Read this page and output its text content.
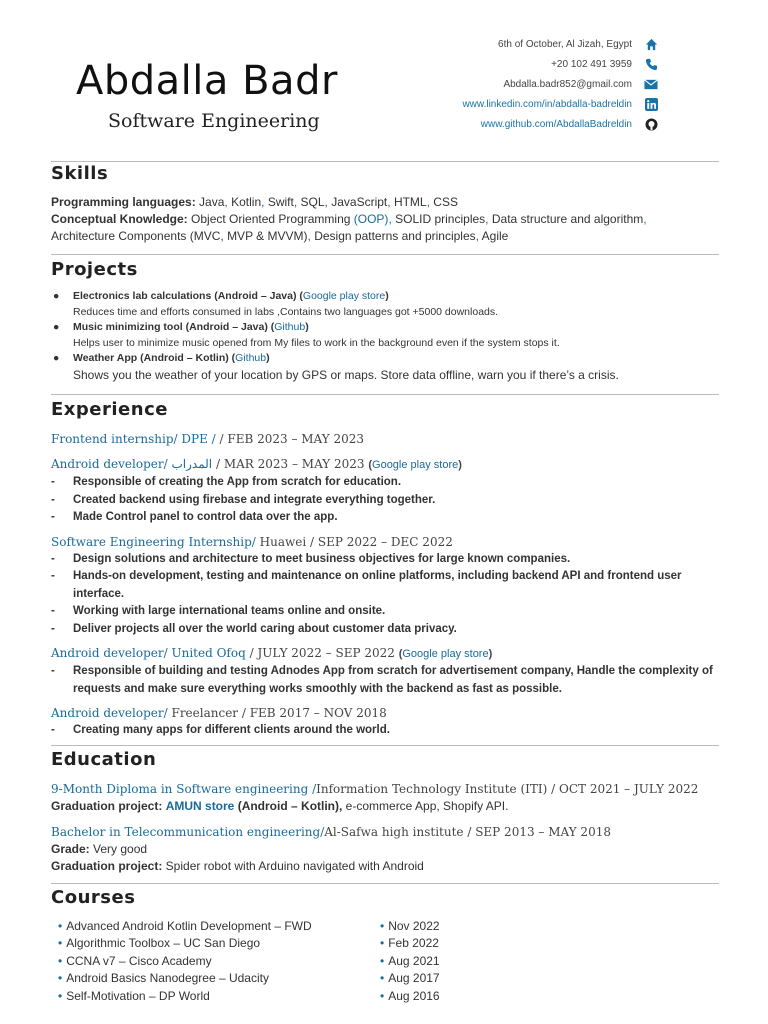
Abdalla Badr
Software Engineering
6th of October, Al Jizah, Egypt
+20 102 491 3959
Abdalla.badr852@gmail.com
www.linkedin.com/in/abdalla-badreldin
www.github.com/AbdallaBadreldin
Skills
Programming languages: Java, Kotlin, Swift, SQL, JavaScript, HTML, CSS
Conceptual Knowledge: Object Oriented Programming (OOP), SOLID principles, Data structure and algorithm,
Architecture Components (MVC, MVP & MVVM), Design patterns and principles, Agile
Projects
● Electronics lab calculations (Android – Java) (Google play store)
Reduces time and efforts consumed in labs ,Contains two languages got +5000 downloads.
● Music minimizing tool (Android – Java) (Github)
Helps user to minimize music opened from My files to work in the background even if the system stops it.
● Weather App (Android – Kotlin) (Github)
Shows you the weather of your location by GPS or maps. Store data offline, warn you if there’s a crisis.
Experience
Frontend internship/ DPE / / FEB 2023 – MAY 2023
Android developer/ المدراب / MAR 2023 – MAY 2023 (Google play store)
- Responsible of creating the App from scratch for education.
- Created backend using firebase and integrate everything together.
- Made Control panel to control data over the app.
Software Engineering Internship/ Huawei / SEP 2022 – DEC 2022
- Design solutions and architecture to meet business objectives for large known companies.
- Hands-on development, testing and maintenance on online platforms, including backend API and frontend user interface.
- Working with large international teams online and onsite.
- Deliver projects all over the world caring about customer data privacy.
Android developer/ United Ofoq / JULY 2022 – SEP 2022 (Google play store)
- Responsible of building and testing Adnodes App from scratch for advertisement company, Handle the complexity of requests and make sure everything works smoothly with the backend as fast as possible.
Android developer/ Freelancer / FEB 2017 – NOV 2018
- Creating many apps for different clients around the world.
Education
9-Month Diploma in Software engineering /Information Technology Institute (ITI) / OCT 2021 – JULY 2022
Graduation project: AMUN store (Android – Kotlin), e-commerce App, Shopify API.
Bachelor in Telecommunication engineering/Al-Safwa high institute / SEP 2013 – MAY 2018
Grade: Very good
Graduation project: Spider robot with Arduino navigated with Android
Courses
• Advanced Android Kotlin Development – FWD
• Algorithmic Toolbox – UC San Diego
• CCNA v7 – Cisco Academy
• Android Basics Nanodegree – Udacity
• Self-Motivation – DP World
• Nov 2022
• Feb 2022
• Aug 2021
• Aug 2017
• Aug 2016
